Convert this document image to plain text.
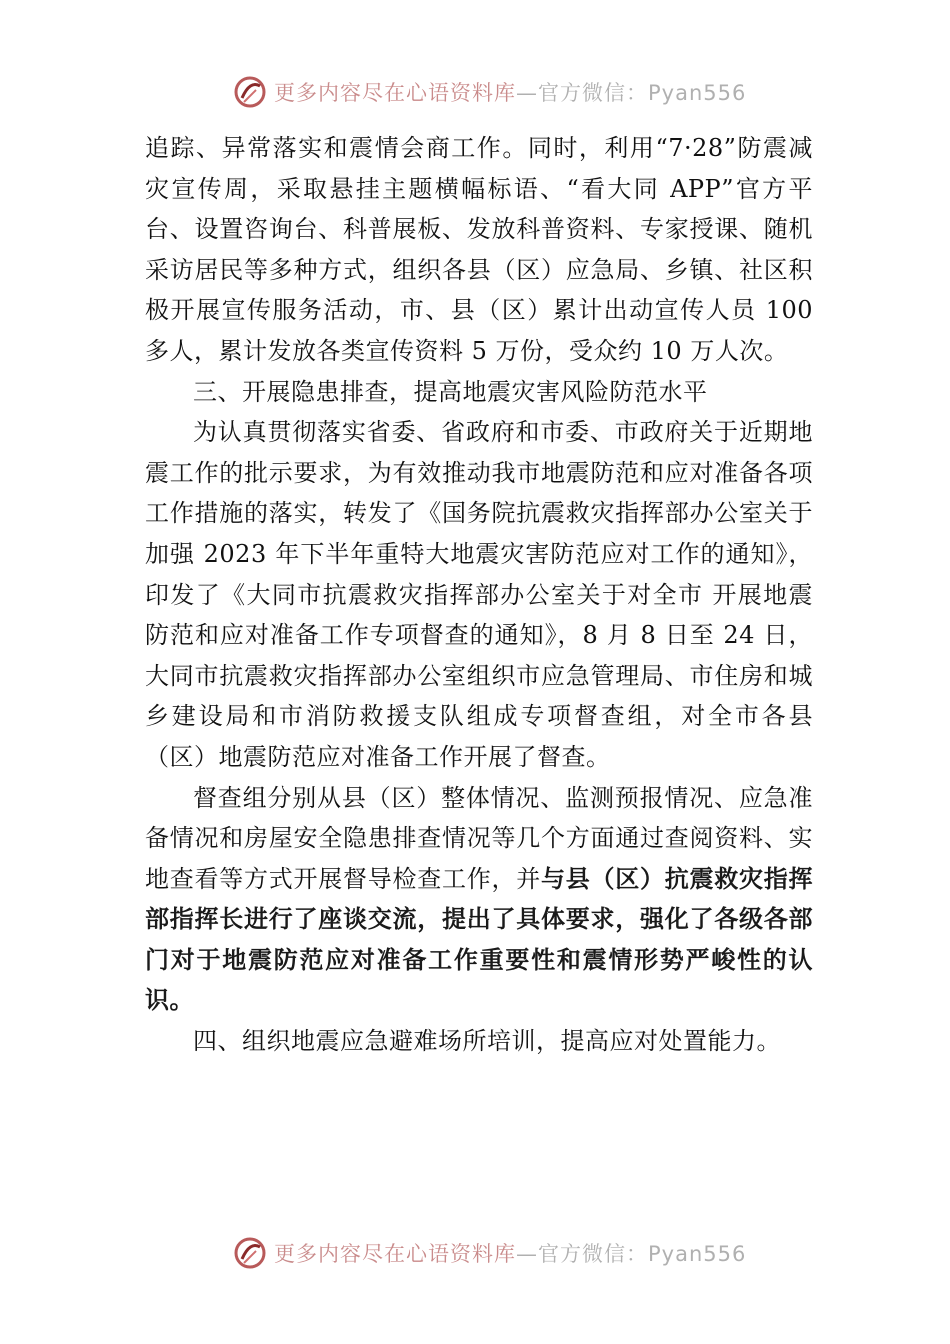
更多内容尽在心语资料库—官方微信：Pyan556

追踪、异常落实和震情会商工作。同时，利用“7·28”防震减灾宣传周，采取悬挂主题横幅标语、“看大同 APP”官方平台、设置咨询台、科普展板、发放科普资料、专家授课、随机采访居民等多种方式，组织各县（区）应急局、乡镇、社区积极开展宣传服务活动，市、县（区）累计出动宣传人员 100 多人，累计发放各类宣传资料 5 万份，受众约 10 万人次。

三、开展隐患排查，提高地震灾害风险防范水平

为认真贯彻落实省委、省政府和市委、市政府关于近期地震工作的批示要求，为有效推动我市地震防范和应对准备各项工作措施的落实，转发了《国务院抗震救灾指挥部办公室关于加强 2023 年下半年重特大地震灾害防范应对工作的通知》，印发了《大同市抗震救灾指挥部办公室关于对全市 开展地震防范和应对准备工作专项督查的通知》，8 月 8 日至 24 日，大同市抗震救灾指挥部办公室组织市应急管理局、市住房和城乡建设局和市消防救援支队组成专项督查组，对全市各县（区）地震防范应对准备工作开展了督查。

督查组分别从县（区）整体情况、监测预报情况、应急准备情况和房屋安全隐患排查情况等几个方面通过查阅资料、实地查看等方式开展督导检查工作，并与县（区）抗震救灾指挥部指挥长进行了座谈交流，提出了具体要求，强化了各级各部门对于地震防范应对准备工作重要性和震情形势严峻性的认识。

四、组织地震应急避难场所培训，提高应对处置能力。

更多内容尽在心语资料库—官方微信：Pyan556
